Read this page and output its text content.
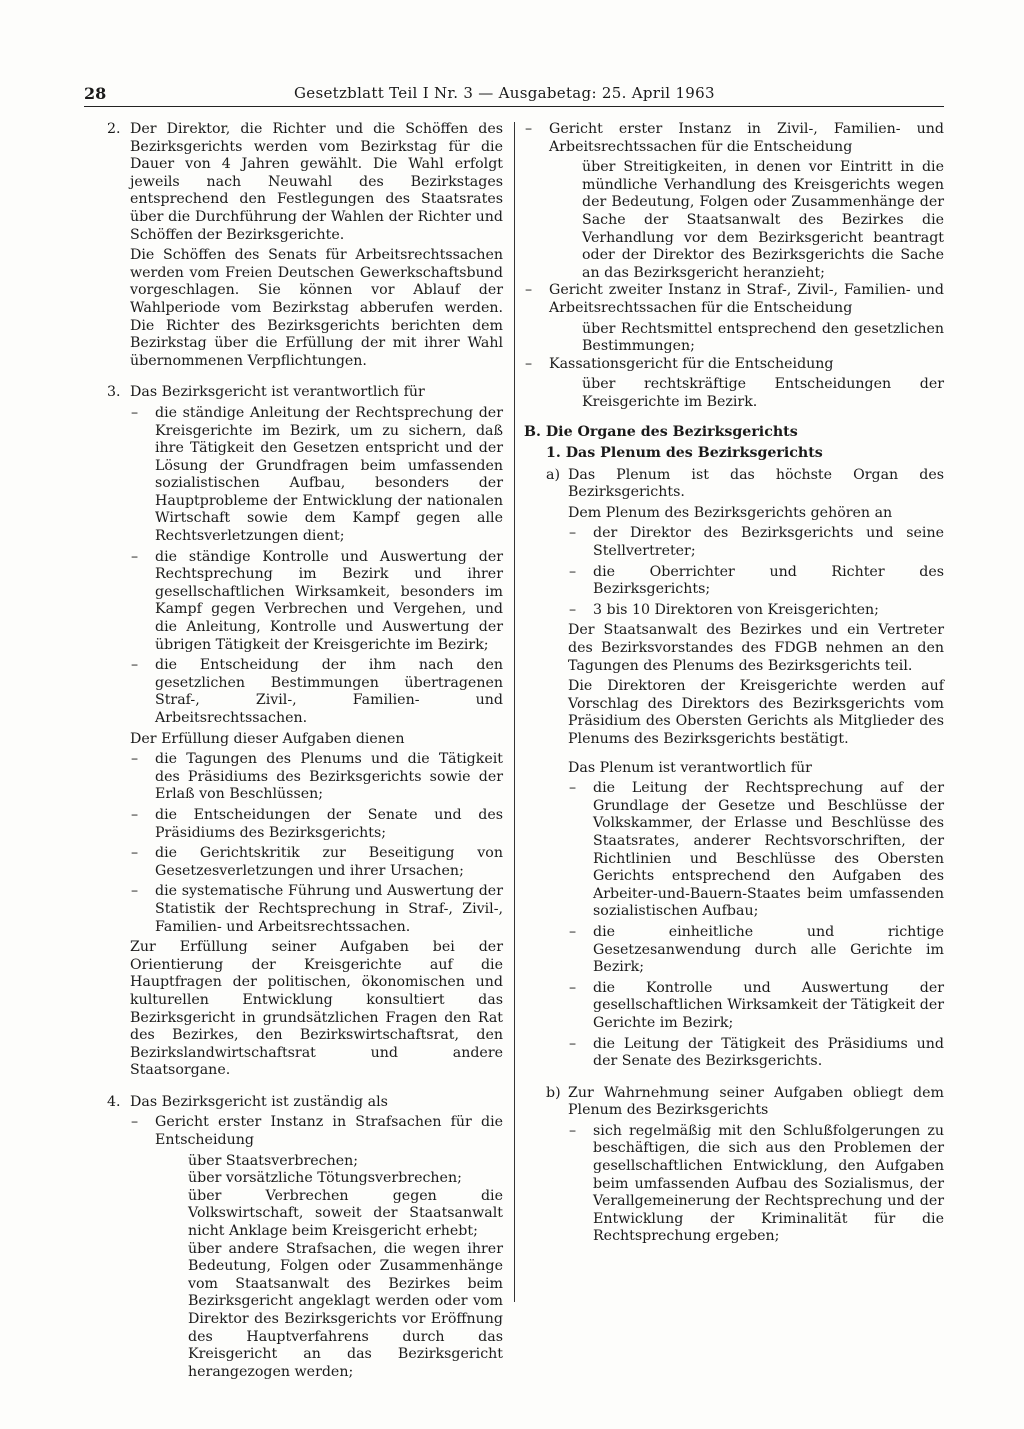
28	Gesetzblatt Teil I Nr. 3 — Ausgabetag: 25. April 1963
2. Der Direktor, die Richter und die Schöffen des Bezirksgerichts werden vom Bezirkstag für die Dauer von 4 Jahren gewählt. Die Wahl erfolgt jeweils nach Neuwahl des Bezirkstages entsprechend den Festlegungen des Staatsrates über die Durchführung der Wahlen der Richter und Schöffen der Bezirksgerichte.

Die Schöffen des Senats für Arbeitsrechtssachen werden vom Freien Deutschen Gewerkschaftsbund vorgeschlagen. Sie können vor Ablauf der Wahlperiode vom Bezirkstag abberufen werden. Die Richter des Bezirksgerichts berichten dem Bezirkstag über die Erfüllung der mit ihrer Wahl übernommenen Verpflichtungen.

3. Das Bezirksgericht ist verantwortlich für

– die ständige Anleitung der Rechtsprechung der Kreisgerichte im Bezirk, um zu sichern, daß ihre Tätigkeit den Gesetzen entspricht und der Lösung der Grundfragen beim umfassenden sozialistischen Aufbau, besonders der Hauptprobleme der Entwicklung der nationalen Wirtschaft sowie dem Kampf gegen alle Rechtsverletzungen dient;
– die ständige Kontrolle und Auswertung der Rechtsprechung im Bezirk und ihrer gesellschaftlichen Wirksamkeit, besonders im Kampf gegen Verbrechen und Vergehen, und die Anleitung, Kontrolle und Auswertung der übrigen Tätigkeit der Kreisgerichte im Bezirk;
– die Entscheidung der ihm nach den gesetzlichen Bestimmungen übertragenen Straf-, Zivil-, Familien- und Arbeitsrechtssachen.

Der Erfüllung dieser Aufgaben dienen

– die Tagungen des Plenums und die Tätigkeit des Präsidiums des Bezirksgerichts sowie der Erlaß von Beschlüssen;
– die Entscheidungen der Senate und des Präsidiums des Bezirksgerichts;
– die Gerichtskritik zur Beseitigung von Gesetzesverletzungen und ihrer Ursachen;
– die systematische Führung und Auswertung der Statistik der Rechtsprechung in Straf-, Zivil-, Familien- und Arbeitsrechtssachen.

Zur Erfüllung seiner Aufgaben bei der Orientierung der Kreisgerichte auf die Hauptfragen der politischen, ökonomischen und kulturellen Entwicklung konsultiert das Bezirksgericht in grundsätzlichen Fragen den Rat des Bezirkes, den Bezirkswirtschaftsrat, den Bezirkslandwirtschaftsrat und andere Staatsorgane.

4. Das Bezirksgericht ist zuständig als

– Gericht erster Instanz in Strafsachen für die Entscheidung
über Staatsverbrechen;
über vorsätzliche Tötungsverbrechen;
über Verbrechen gegen die Volkswirtschaft, soweit der Staatsanwalt nicht Anklage beim Kreisgericht erhebt;
über andere Strafsachen, die wegen ihrer Bedeutung, Folgen oder Zusammenhänge vom Staatsanwalt des Bezirkes beim Bezirksgericht angeklagt werden oder vom Direktor des Bezirksgerichts vor Eröffnung des Hauptverfahrens durch das Kreisgericht an das Bezirksgericht herangezogen werden;
– Gericht erster Instanz in Zivil-, Familien- und Arbeitsrechtssachen für die Entscheidung
über Streitigkeiten, in denen vor Eintritt in die mündliche Verhandlung des Kreisgerichts wegen der Bedeutung, Folgen oder Zusammenhänge der Sache der Staatsanwalt des Bezirkes die Verhandlung vor dem Bezirksgericht beantragt oder der Direktor des Bezirksgerichts die Sache an das Bezirksgericht heranzieht;
– Gericht zweiter Instanz in Straf-, Zivil-, Familien- und Arbeitsrechtssachen für die Entscheidung
über Rechtsmittel entsprechend den gesetzlichen Bestimmungen;
– Kassationsgericht für die Entscheidung
über rechtskräftige Entscheidungen der Kreisgerichte im Bezirk.
B. Die Organe des Bezirksgerichts
1. Das Plenum des Bezirksgerichts
a) Das Plenum ist das höchste Organ des Bezirksgerichts.

Dem Plenum des Bezirksgerichts gehören an

– der Direktor des Bezirksgerichts und seine Stellvertreter;
– die Oberrichter und Richter des Bezirksgerichts;
– 3 bis 10 Direktoren von Kreisgerichten;

Der Staatsanwalt des Bezirkes und ein Vertreter des Bezirksvorstandes des FDGB nehmen an den Tagungen des Plenums des Bezirksgerichts teil.

Die Direktoren der Kreisgerichte werden auf Vorschlag des Direktors des Bezirksgerichts vom Präsidium des Obersten Gerichts als Mitglieder des Plenums des Bezirksgerichts bestätigt.

Das Plenum ist verantwortlich für

– die Leitung der Rechtsprechung auf der Grundlage der Gesetze und Beschlüsse der Volkskammer, der Erlasse und Beschlüsse des Staatsrates, anderer Rechtsvorschriften, der Richtlinien und Beschlüsse des Obersten Gerichts entsprechend den Aufgaben des Arbeiter-und-Bauern-Staates beim umfassenden sozialistischen Aufbau;
– die einheitliche und richtige Gesetzesanwendung durch alle Gerichte im Bezirk;
– die Kontrolle und Auswertung der gesellschaftlichen Wirksamkeit der Tätigkeit der Gerichte im Bezirk;
– die Leitung der Tätigkeit des Präsidiums und der Senate des Bezirksgerichts.
b) Zur Wahrnehmung seiner Aufgaben obliegt dem Plenum des Bezirksgerichts

– sich regelmäßig mit den Schlußfolgerungen zu beschäftigen, die sich aus den Problemen der gesellschaftlichen Entwicklung, den Aufgaben beim umfassenden Aufbau des Sozialismus, der Verallgemeinerung der Rechtsprechung und der Entwicklung der Kriminalität für die Rechtsprechung ergeben;
